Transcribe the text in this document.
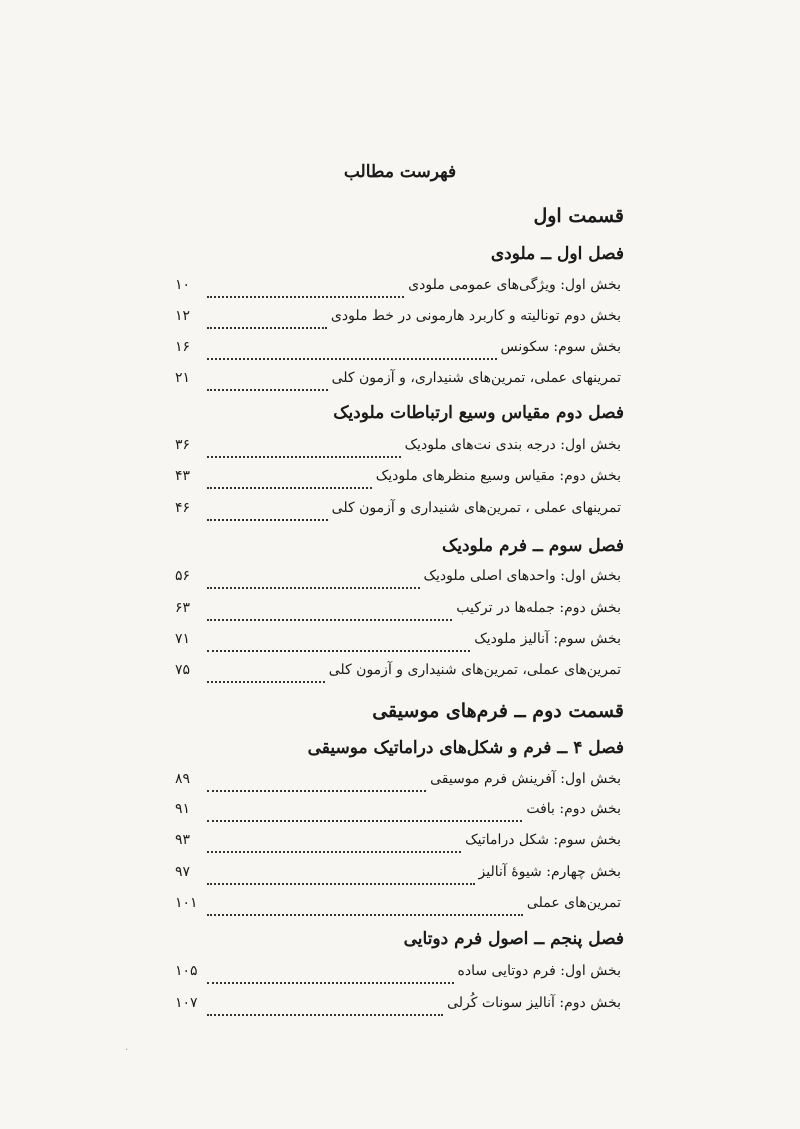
فهرست مطالب
قسمت اول
فصل اول ــ ملودی
بخش اول: ویژگی‌های عمومی ملودی
۱۰
بخش دوم تونالیته و کاربرد هارمونی در خط ملودی
۱۲
بخش سوم: سکونس
۱۶
تمرینهای عملی، تمرین‌های شنیداری، و آزمون کلی
۲۱
فصل دوم مقیاس وسیع ارتباطات ملودیک
بخش اول: درجه بندی نت‌های ملودیک
۳۶
بخش دوم: مقیاس وسیع منظرهای ملودیک
۴۳
تمرینهای عملی ، تمرین‌های شنیداری و آزمون کلی
۴۶
فصل سوم ــ فرم ملودیک
بخش اول: واحدهای اصلی ملودیک
۵۶
بخش دوم: جمله‌ها در ترکیب
۶۳
بخش سوم: آنالیز ملودیک
۷۱
تمرین‌های عملی، تمرین‌های شنیداری و آزمون کلی
۷۵
قسمت دوم ــ فرم‌های موسیقی
فصل ۴ ــ فرم و شکل‌های دراماتیک موسیقی
بخش اول: آفرینش فرم موسیقی
۸۹
بخش دوم: بافت
۹۱
بخش سوم: شکل دراماتیک
۹۳
بخش چهارم: شیوهٔ آنالیز
۹۷
تمرین‌های عملی
۱۰۱
فصل پنجم ــ اصول فرم دوتایی
بخش اول: فرم دوتایی ساده
۱۰۵
بخش دوم: آنالیز سونات کُرلی
۱۰۷
·
